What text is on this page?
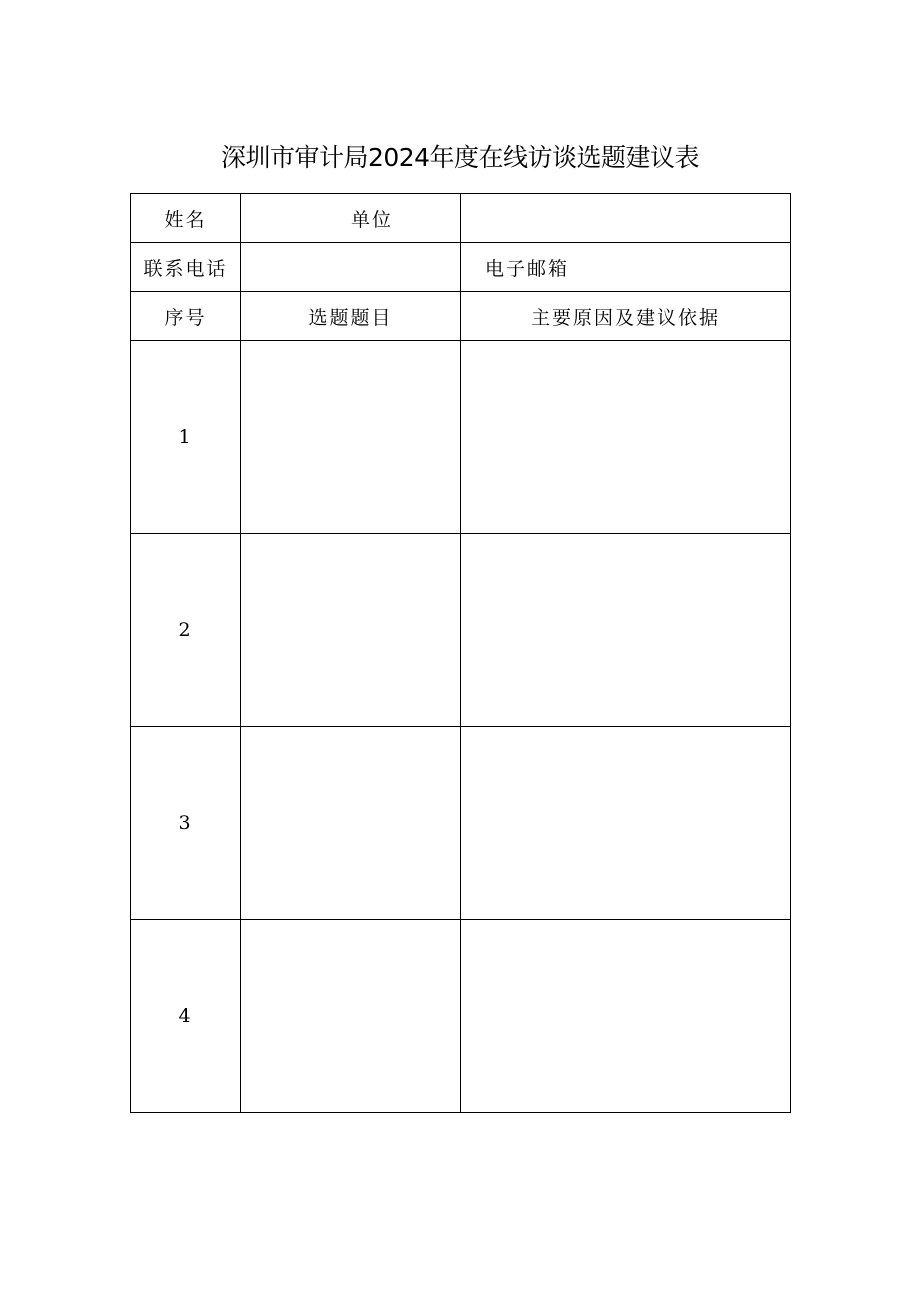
深圳市审计局2024年度在线访谈选题建议表
姓名	单位	
联系电话		电子邮箱
序号	选题题目	主要原因及建议依据
1		
2		
3		
4		
